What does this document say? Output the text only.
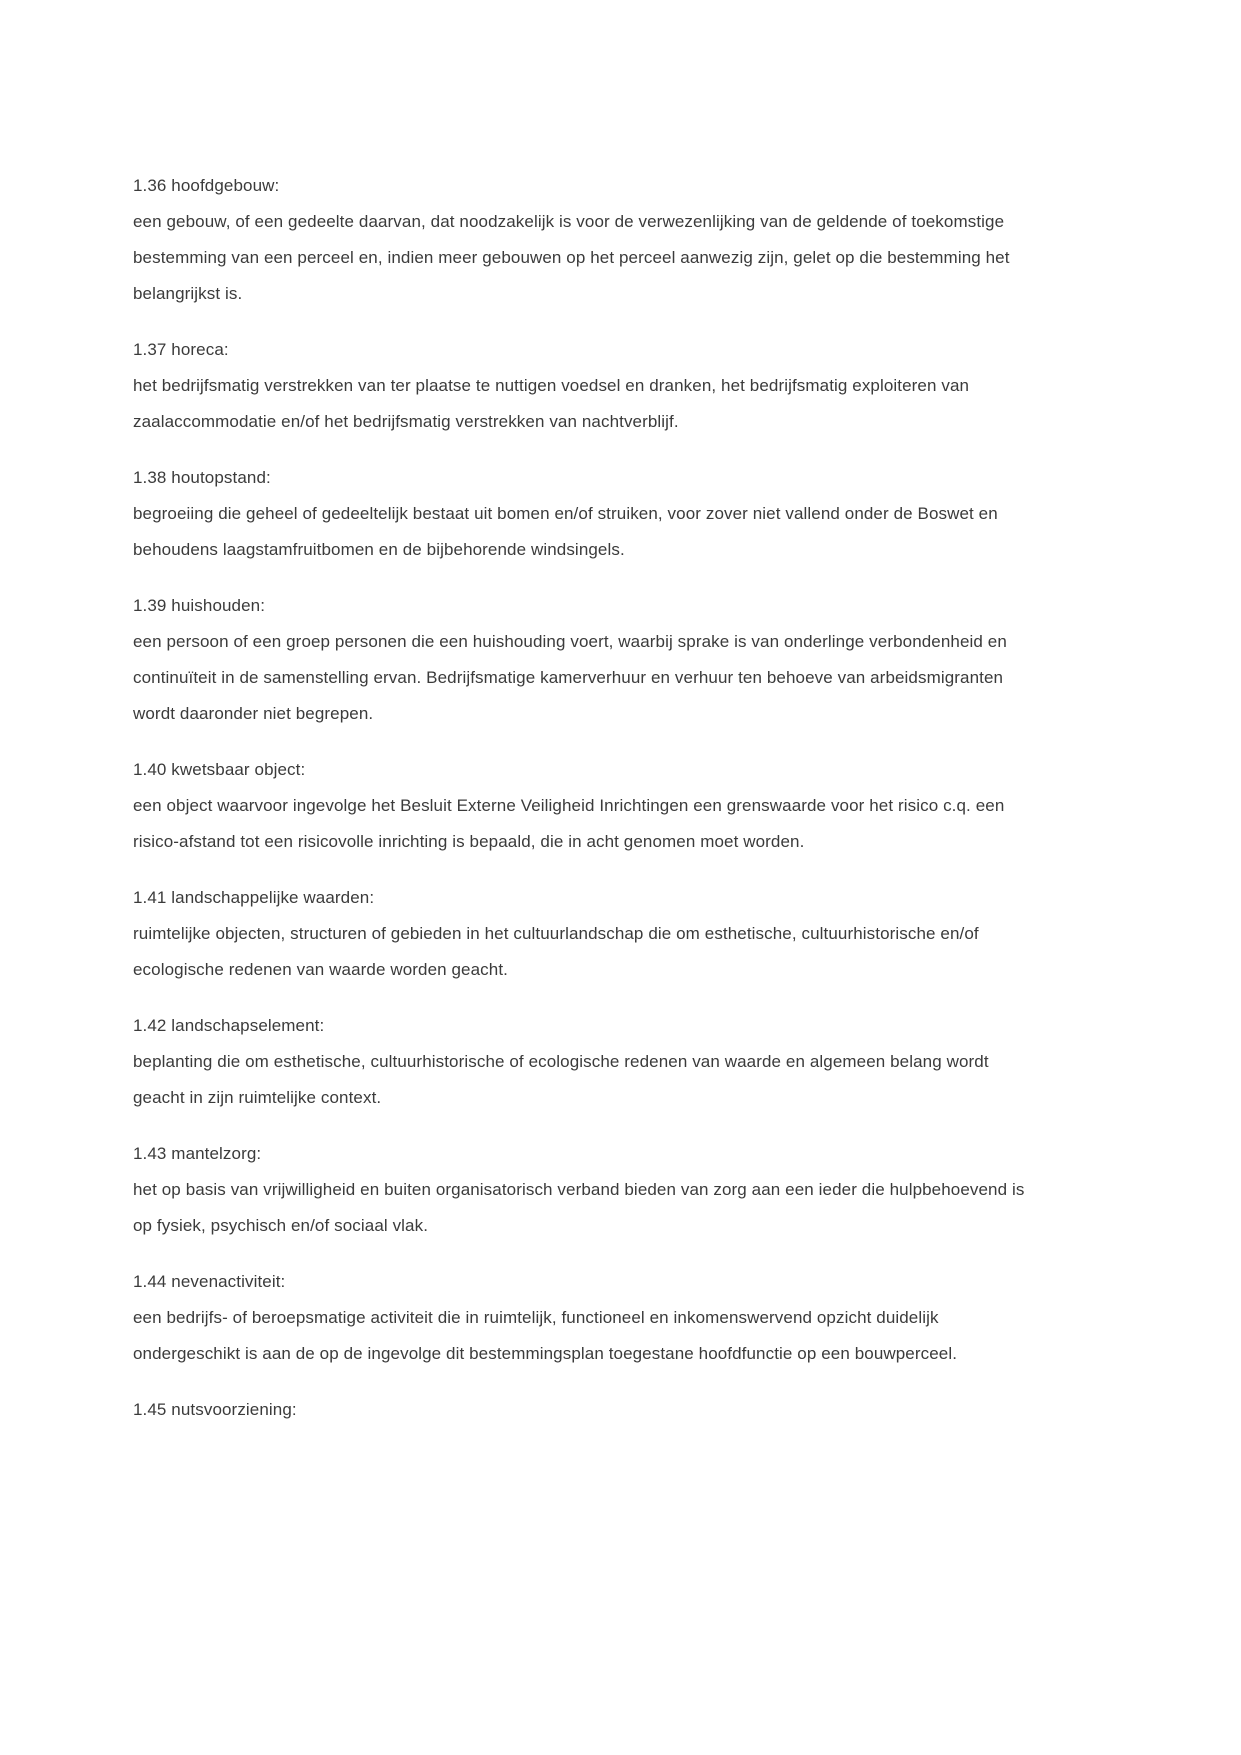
1.36 hoofdgebouw:

een gebouw, of een gedeelte daarvan, dat noodzakelijk is voor de verwezenlijking van de geldende of toekomstige bestemming van een perceel en, indien meer gebouwen op het perceel aanwezig zijn, gelet op die bestemming het belangrijkst is.

1.37 horeca:

het bedrijfsmatig verstrekken van ter plaatse te nuttigen voedsel en dranken, het bedrijfsmatig exploiteren van zaalaccommodatie en/of het bedrijfsmatig verstrekken van nachtverblijf.

1.38 houtopstand:

begroeiing die geheel of gedeeltelijk bestaat uit bomen en/of struiken, voor zover niet vallend onder de Boswet en behoudens laagstamfruitbomen en de bijbehorende windsingels.

1.39 huishouden:

een persoon of een groep personen die een huishouding voert, waarbij sprake is van onderlinge verbondenheid en continuïteit in de samenstelling ervan. Bedrijfsmatige kamerverhuur en verhuur ten behoeve van arbeidsmigranten wordt daaronder niet begrepen.

1.40 kwetsbaar object:

een object waarvoor ingevolge het Besluit Externe Veiligheid Inrichtingen een grenswaarde voor het risico c.q. een risico-afstand tot een risicovolle inrichting is bepaald, die in acht genomen moet worden.

1.41 landschappelijke waarden:

ruimtelijke objecten, structuren of gebieden in het cultuurlandschap die om esthetische, cultuurhistorische en/of ecologische redenen van waarde worden geacht.

1.42 landschapselement:

beplanting die om esthetische, cultuurhistorische of ecologische redenen van waarde en algemeen belang wordt geacht in zijn ruimtelijke context.

1.43 mantelzorg:

het op basis van vrijwilligheid en buiten organisatorisch verband bieden van zorg aan een ieder die hulpbehoevend is op fysiek, psychisch en/of sociaal vlak.

1.44 nevenactiviteit:

een bedrijfs- of beroepsmatige activiteit die in ruimtelijk, functioneel en inkomenswervend opzicht duidelijk ondergeschikt is aan de op de ingevolge dit bestemmingsplan toegestane hoofdfunctie op een bouwperceel.

1.45 nutsvoorziening:
